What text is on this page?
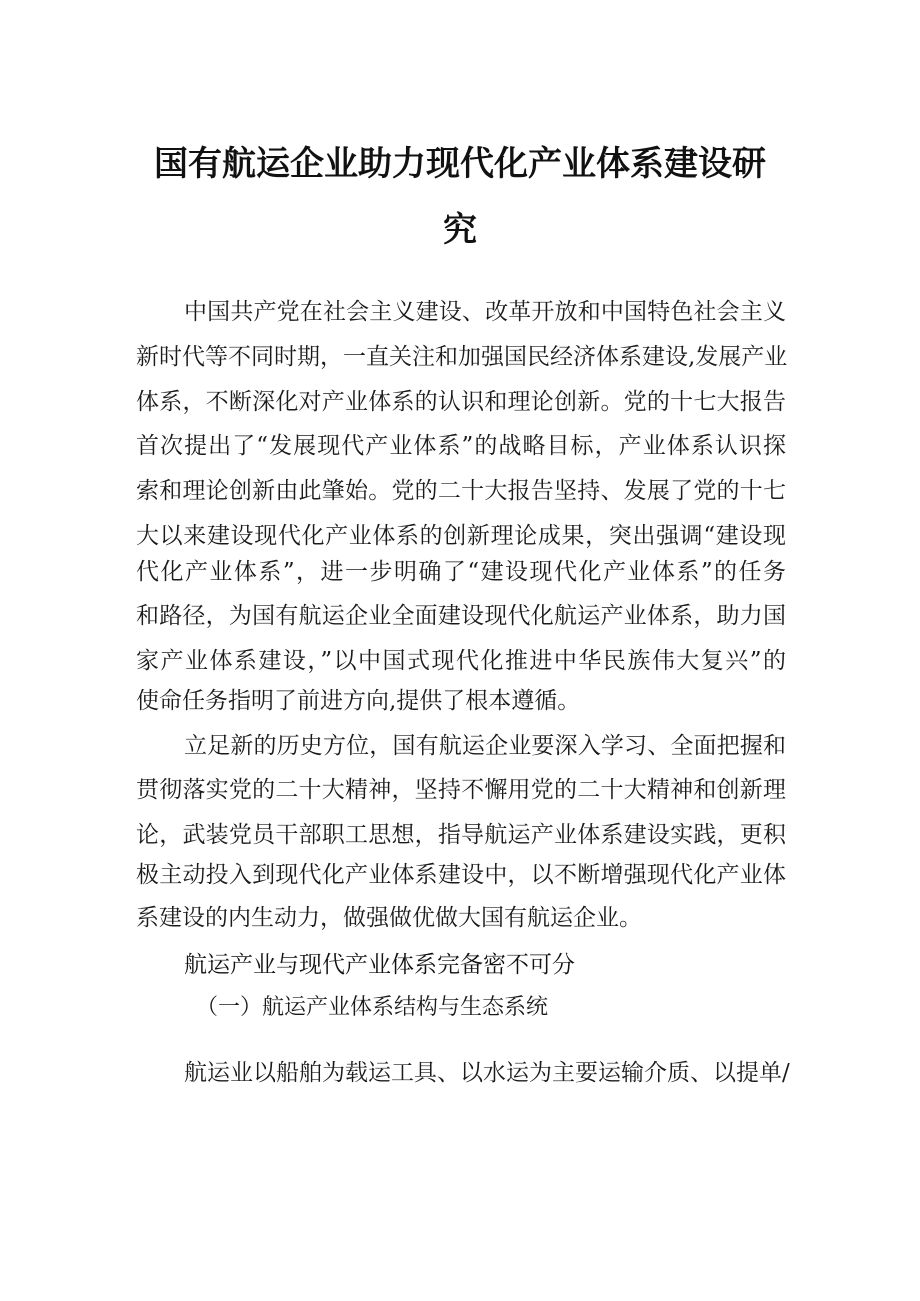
国有航运企业助力现代化产业体系建设研
究
中国共产党在社会主义建设、改革开放和中国特色社会主义
新时代等不同时期，一直关注和加强国民经济体系建设,发展产业
体系，不断深化对产业体系的认识和理论创新。党的十七大报告
首次提出了“发展现代产业体系”的战略目标，产业体系认识探
索和理论创新由此肇始。党的二十大报告坚持、发展了党的十七
大以来建设现代化产业体系的创新理论成果，突出强调“建设现
代化产业体系”，进一步明确了“建设现代化产业体系”的任务
和路径，为国有航运企业全面建设现代化航运产业体系，助力国
家产业体系建设，”以中国式现代化推进中华民族伟大复兴”的
使命任务指明了前进方向,提供了根本遵循。
立足新的历史方位，国有航运企业要深入学习、全面把握和
贯彻落实党的二十大精神，坚持不懈用党的二十大精神和创新理
论，武装党员干部职工思想，指导航运产业体系建设实践，更积
极主动投入到现代化产业体系建设中，以不断增强现代化产业体
系建设的内生动力，做强做优做大国有航运企业。
航运产业与现代产业体系完备密不可分
（一）航运产业体系结构与生态系统
航运业以船舶为载运工具、以水运为主要运输介质、以提单/
